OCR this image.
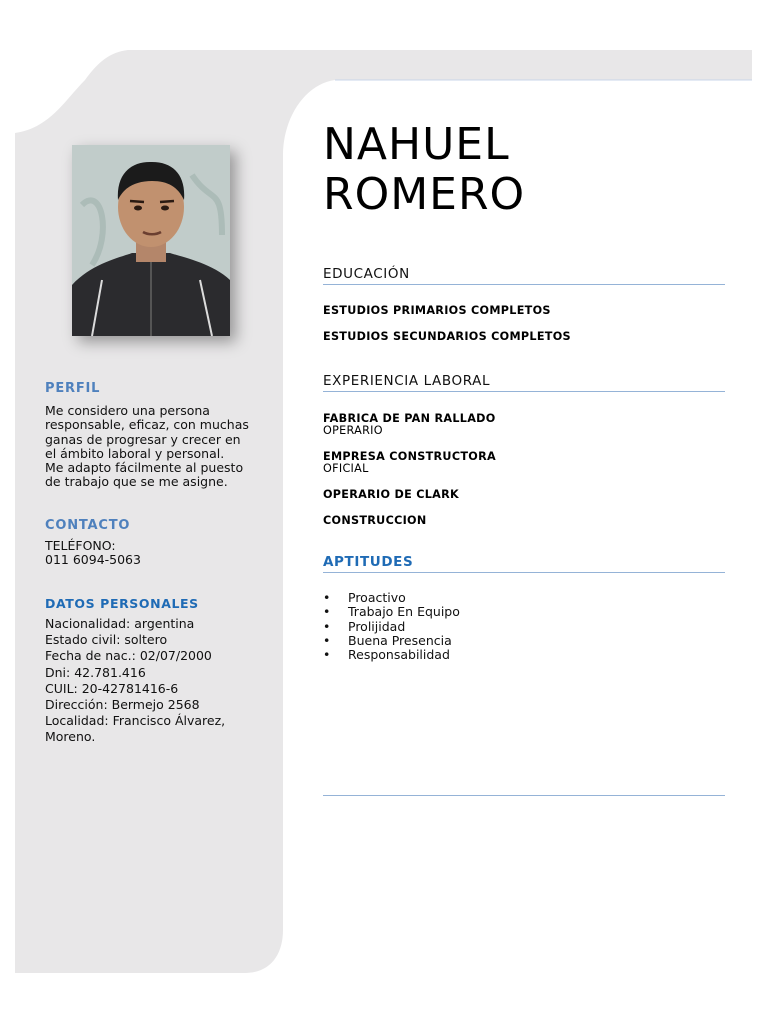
PERFIL
Me considero una persona
responsable, eficaz, con muchas
ganas de progresar y crecer en
el ámbito laboral y personal.
Me adapto fácilmente al puesto
de trabajo que se me asigne.
CONTACTO
TELÉFONO:
011 6094-5063
DATOS PERSONALES
Nacionalidad: argentina
Estado civil: soltero
Fecha de nac.: 02/07/2000
Dni: 42.781.416
CUIL: 20-42781416-6
Dirección: Bermejo 2568
Localidad: Francisco Álvarez,
Moreno.
NAHUEL
ROMERO
EDUCACIÓN
ESTUDIOS PRIMARIOS COMPLETOS
ESTUDIOS SECUNDARIOS COMPLETOS
EXPERIENCIA LABORAL
FABRICA DE PAN RALLADO
OPERARIO
EMPRESA CONSTRUCTORA
OFICIAL
OPERARIO DE CLARK
CONSTRUCCION
APTITUDES
• Proactivo
• Trabajo En Equipo
• Prolijidad
• Buena Presencia
• Responsabilidad
